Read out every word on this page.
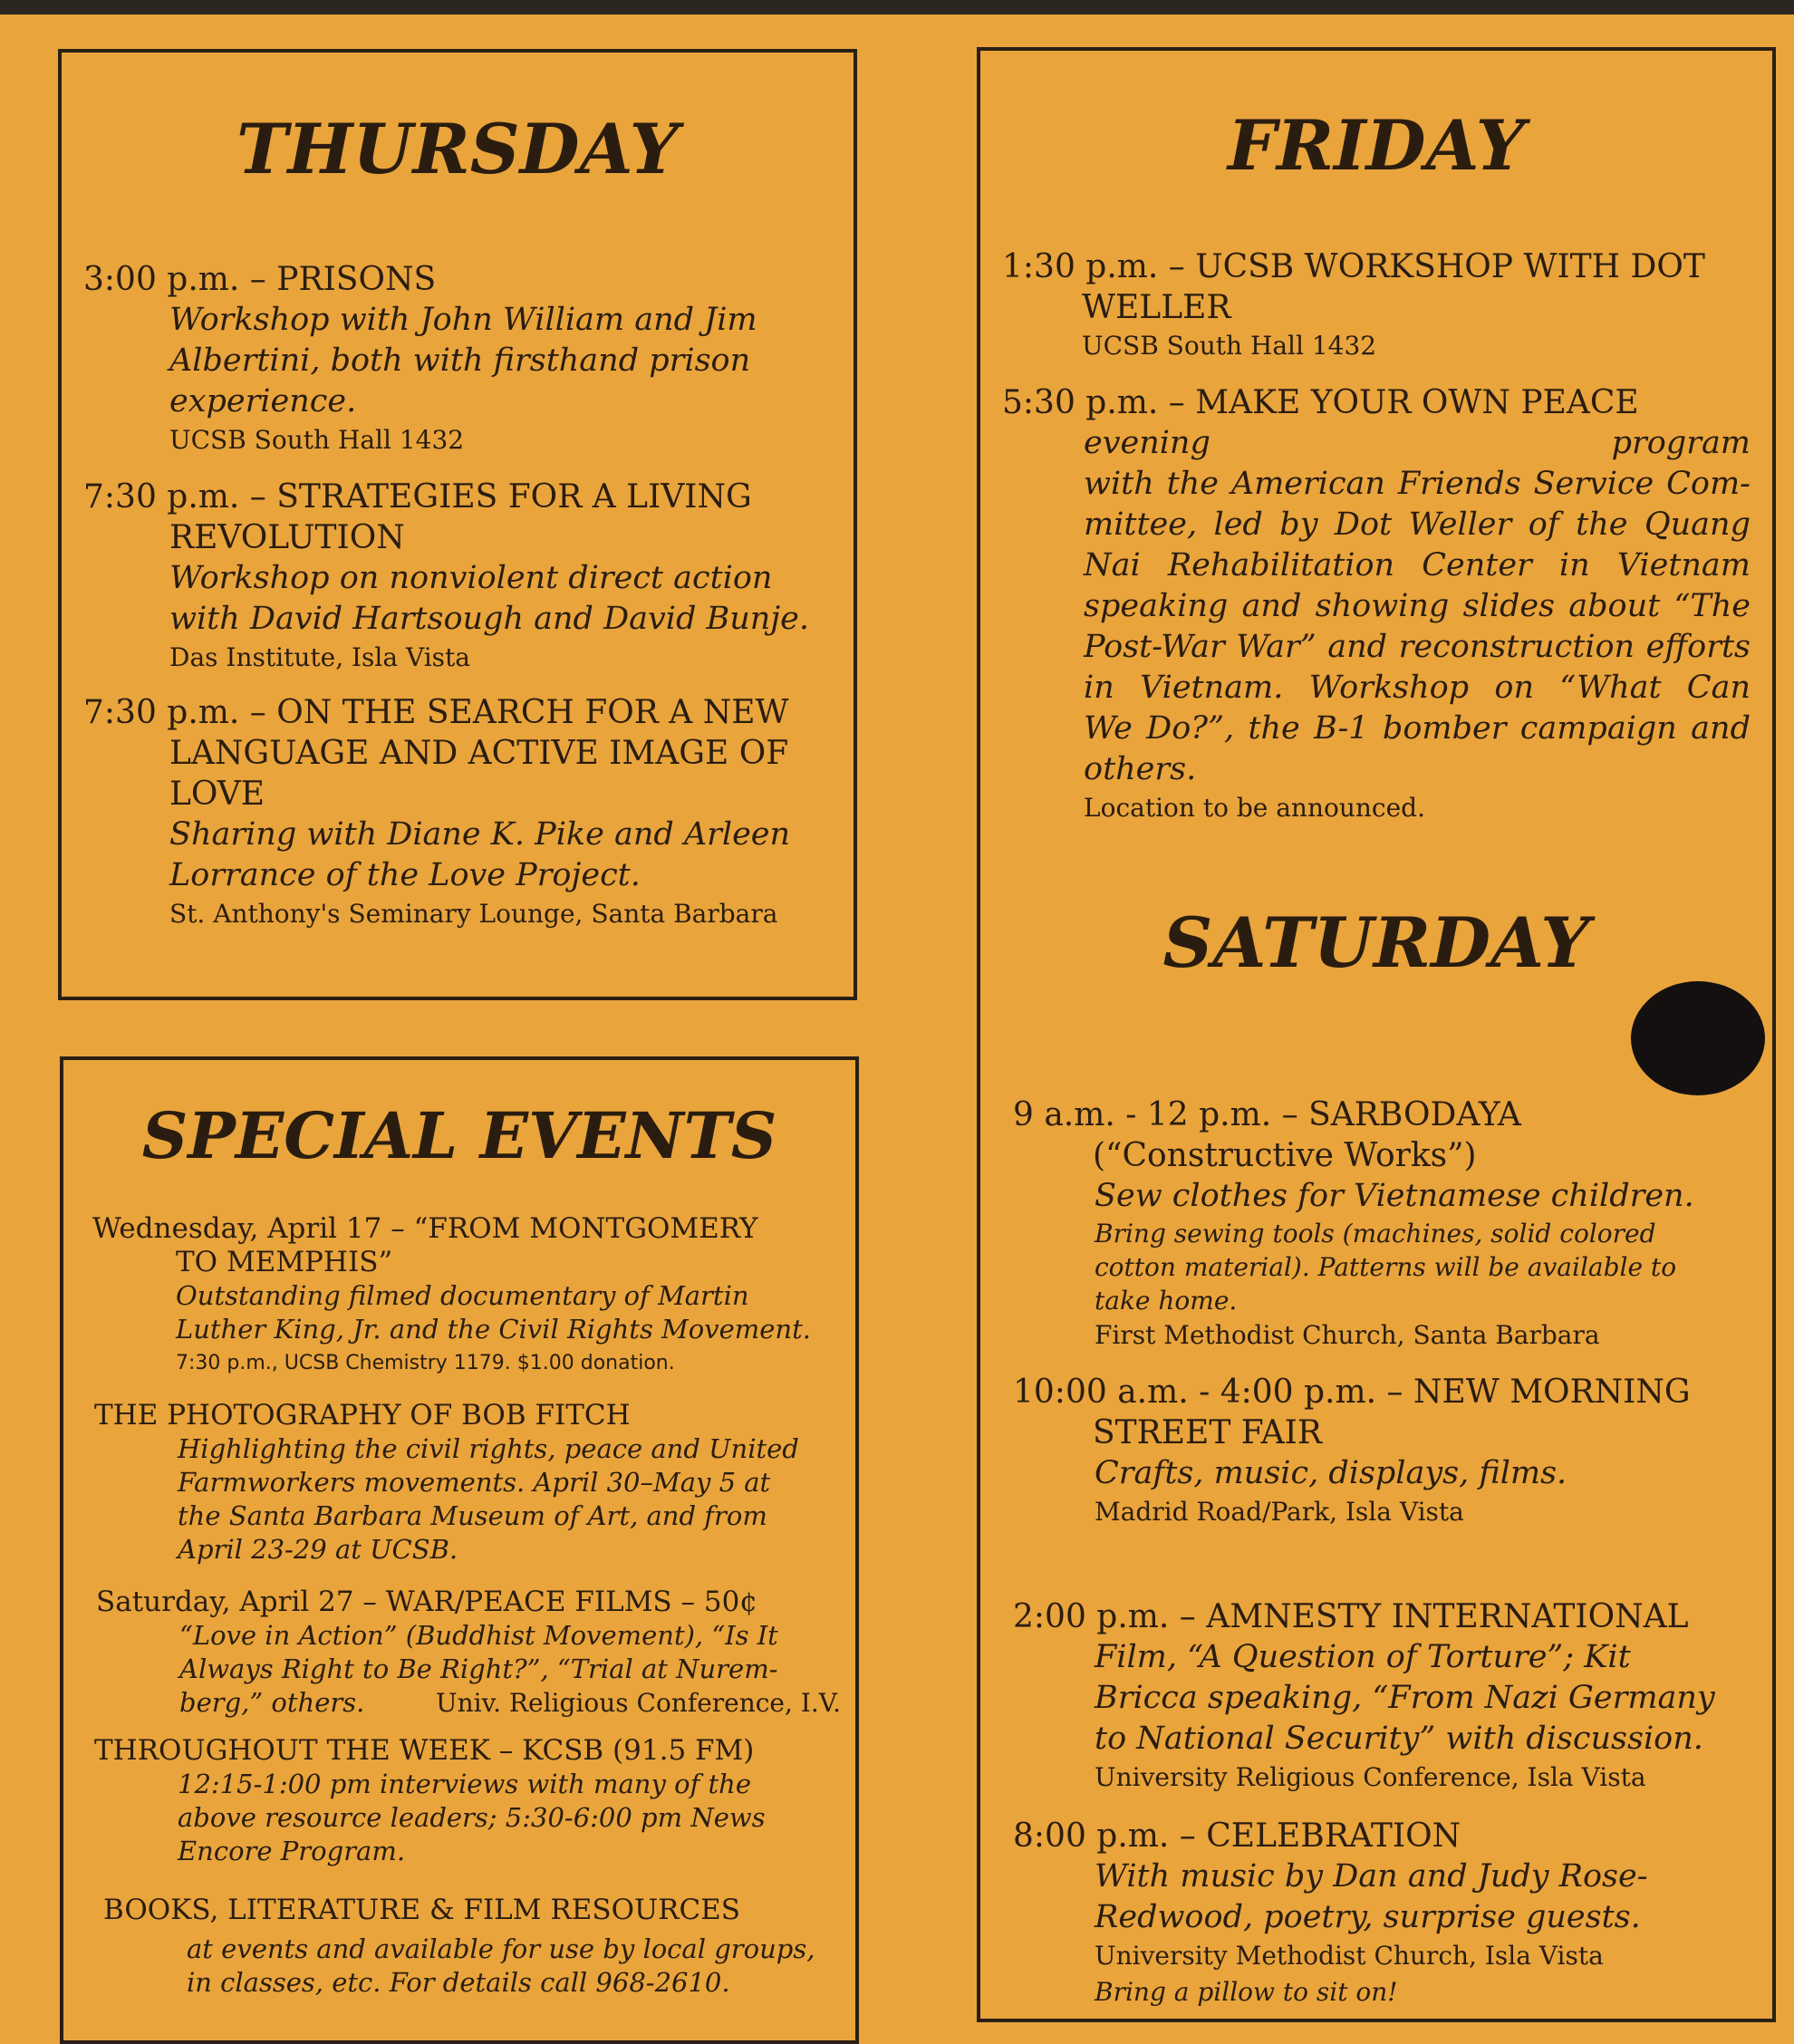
THURSDAY
3:00 p.m. – PRISONS
Workshop with John William and Jim
Albertini, both with firsthand prison
experience.
UCSB South Hall 1432
7:30 p.m. – STRATEGIES FOR A LIVING
REVOLUTION
Workshop on nonviolent direct action
with David Hartsough and David Bunje.
Das Institute, Isla Vista
7:30 p.m. – ON THE SEARCH FOR A NEW
LANGUAGE AND ACTIVE IMAGE OF
LOVE
Sharing with Diane K. Pike and Arleen
Lorrance of the Love Project.
St. Anthony's Seminary Lounge, Santa Barbara
SPECIAL EVENTS
Wednesday, April 17 – “FROM MONTGOMERY
TO MEMPHIS”
Outstanding filmed documentary of Martin
Luther King, Jr. and the Civil Rights Movement.
7:30 p.m., UCSB Chemistry 1179. $1.00 donation.
THE PHOTOGRAPHY OF BOB FITCH
Highlighting the civil rights, peace and United
Farmworkers movements. April 30–May 5 at
the Santa Barbara Museum of Art, and from
April 23-29 at UCSB.
Saturday, April 27 – WAR/PEACE FILMS – 50¢
“Love in Action” (Buddhist Movement), “Is It
Always Right to Be Right?”, “Trial at Nurem-
berg,” others.	Univ. Religious Conference, I.V.
THROUGHOUT THE WEEK – KCSB (91.5 FM)
12:15-1:00 pm interviews with many of the
above resource leaders; 5:30-6:00 pm News
Encore Program.
BOOKS, LITERATURE & FILM RESOURCES
at events and available for use by local groups,
in classes, etc. For details call 968-2610.
FRIDAY
1:30 p.m. – UCSB WORKSHOP WITH DOT
WELLER
UCSB South Hall 1432
5:30 p.m. – MAKE YOUR OWN PEACE
evening program
with the American Friends Service Com-
mittee, led by Dot Weller of the Quang
Nai Rehabilitation Center in Vietnam
speaking and showing slides about “The
Post-War War” and reconstruction efforts
in Vietnam. Workshop on “What Can
We Do?”, the B-1 bomber campaign and
others.
Location to be announced.
SATURDAY
9 a.m. - 12 p.m. – SARBODAYA
(“Constructive Works”)
Sew clothes for Vietnamese children.
Bring sewing tools (machines, solid colored
cotton material). Patterns will be available to
take home.
First Methodist Church, Santa Barbara
10:00 a.m. - 4:00 p.m. – NEW MORNING
STREET FAIR
Crafts, music, displays, films.
Madrid Road/Park, Isla Vista
2:00 p.m. – AMNESTY INTERNATIONAL
Film, “A Question of Torture”; Kit
Bricca speaking, “From Nazi Germany
to National Security” with discussion.
University Religious Conference, Isla Vista
8:00 p.m. – CELEBRATION
With music by Dan and Judy Rose-
Redwood, poetry, surprise guests.
University Methodist Church, Isla Vista
Bring a pillow to sit on!
